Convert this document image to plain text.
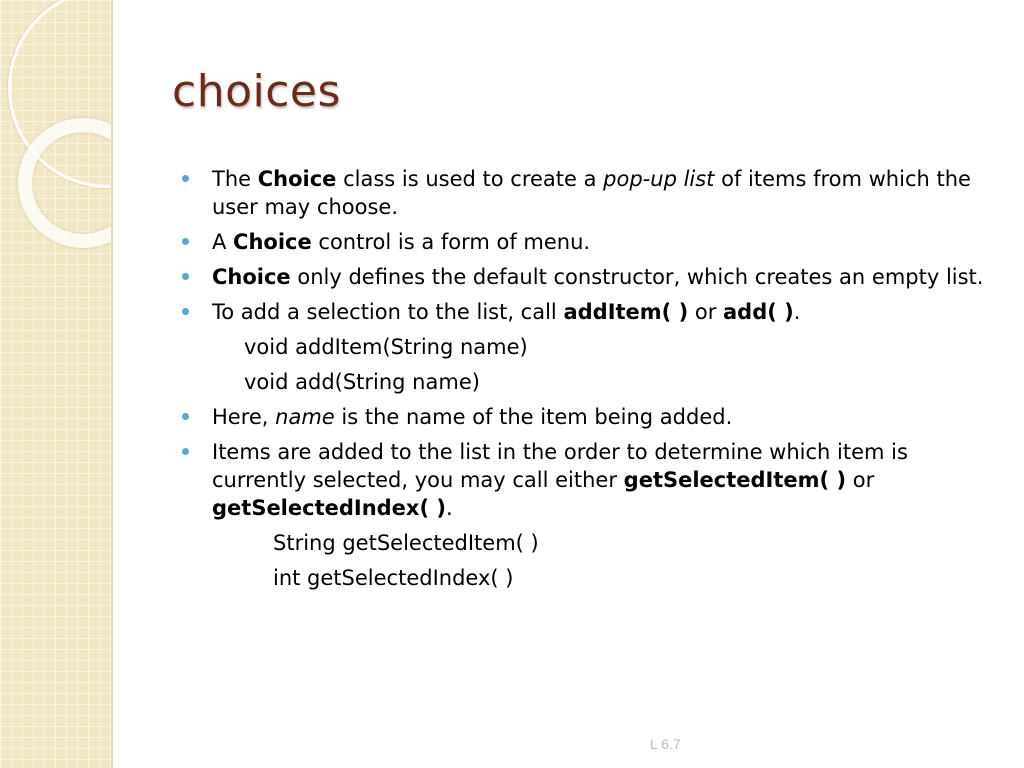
choices
The Choice class is used to create a pop-up list of items from which the user may choose.
A Choice control is a form of menu.
Choice only defines the default constructor, which creates an empty list.
To add a selection to the list, call addItem( ) or add( ).
void addItem(String name)
void add(String name)
Here, name is the name of the item being added.
Items are added to the list in the order to determine which item is currently selected, you may call either getSelectedItem( ) or getSelectedIndex( ).
String getSelectedItem( )
int getSelectedIndex( )
L 6.7
